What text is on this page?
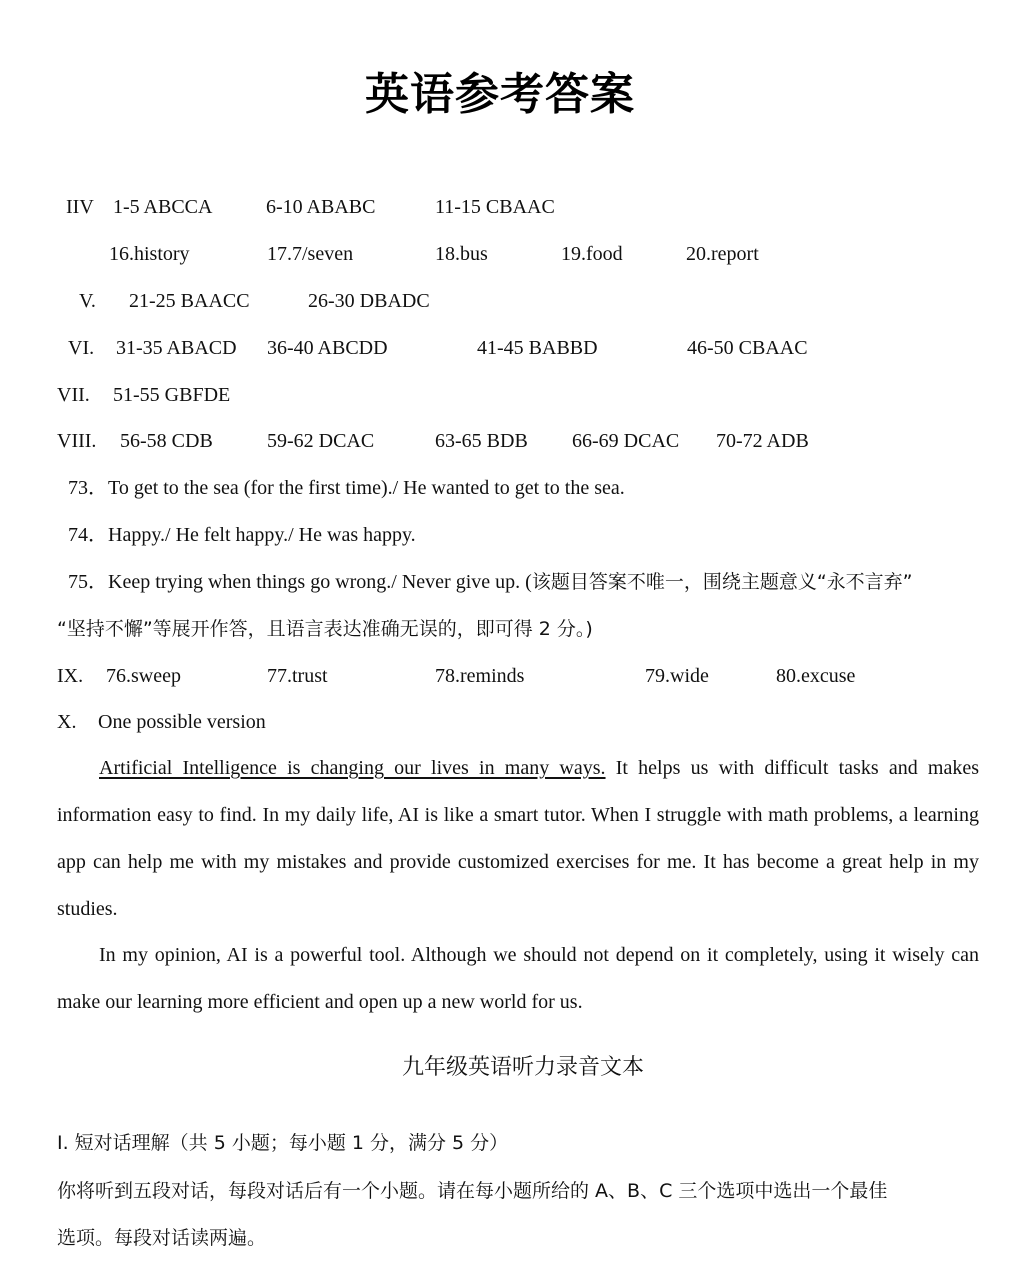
英语参考答案
IIV 1-5 ABCCA	6-10 ABABC	11-15 CBAAC
16.history	17.7/seven	18.bus	19.food	20.report
V. 21-25 BAACC	26-30 DBADC
VI. 31-35 ABACD 36-40 ABCDD	41-45 BABBD	46-50 CBAAC
VII. 51-55 GBFDE
VIII. 56-58 CDB	59-62 DCAC	63-65 BDB 66-69 DCAC 70-72 ADB
73．To get to the sea (for the first time)./ He wanted to get to the sea.
74．Happy./ He felt happy./ He was happy.
75．Keep trying when things go wrong./ Never give up. (该题目答案不唯一，围绕主题意义“永不言弃”
“坚持不懈”等展开作答，且语言表达准确无误的，即可得 2 分。)
IX. 76.sweep	77.trust	78.reminds	79.wide	80.excuse
X. One possible version
Artificial Intelligence is changing our lives in many ways. It helps us with difficult tasks and makes information easy to find. In my daily life, AI is like a smart tutor. When I struggle with math problems, a learning app can help me with my mistakes and provide customized exercises for me. It has become a great help in my studies.
In my opinion, AI is a powerful tool. Although we should not depend on it completely, using it wisely can make our learning more efficient and open up a new world for us.
九年级英语听力录音文本
I. 短对话理解（共 5 小题；每小题 1 分，满分 5 分）
你将听到五段对话，每段对话后有一个小题。请在每小题所给的 A、B、C 三个选项中选出一个最佳
选项。每段对话读两遍。
